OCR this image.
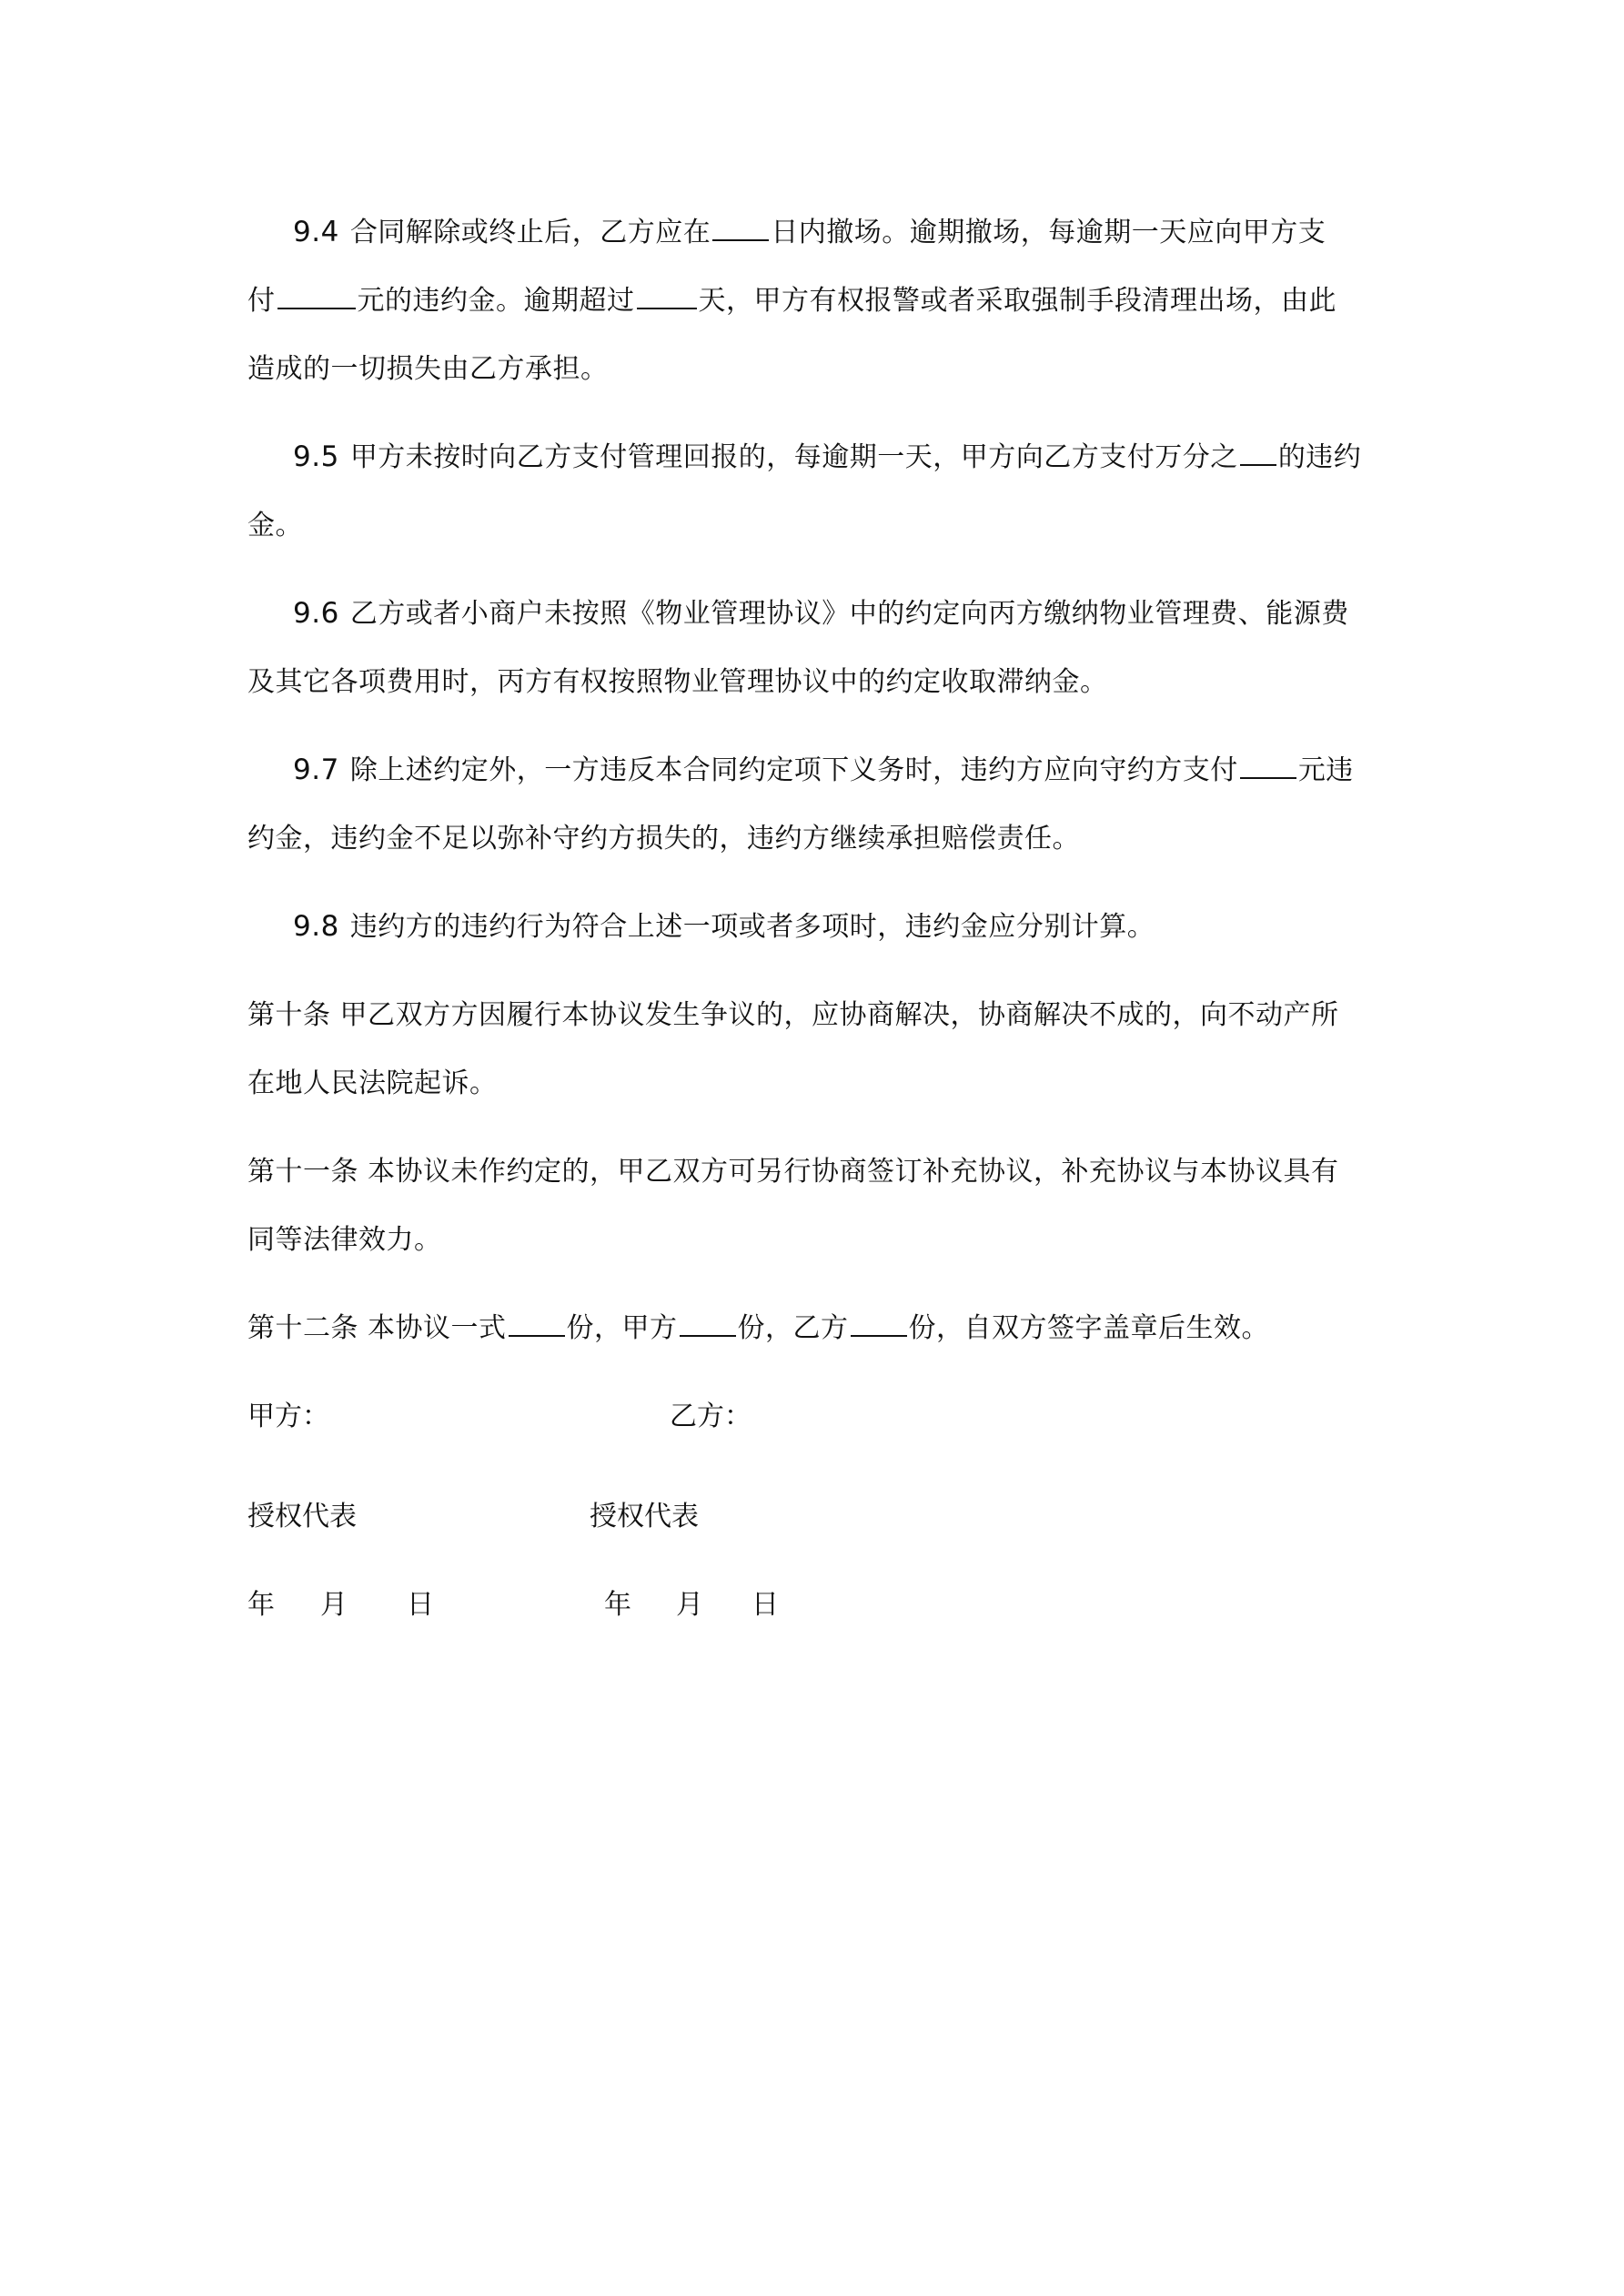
9.4 合同解除或终止后，乙方应在 日内撤场。逾期撤场，每逾期一天应向甲方支
付	元的违约金。逾期超过 天，甲方有权报警或者采取强制手段清理出场，由此
造成的一切损失由乙方承担。
9.5 甲方未按时向乙方支付管理回报的，每逾期一天，甲方向乙方支付万分之 的违约
金。
9.6 乙方或者小商户未按照《物业管理协议》中的约定向丙方缴纳物业管理费、能源费
及其它各项费用时，丙方有权按照物业管理协议中的约定收取滞纳金。
9.7 除上述约定外，一方违反本合同约定项下义务时，违约方应向守约方支付 元违
约金，违约金不足以弥补守约方损失的，违约方继续承担赔偿责任。
9.8 违约方的违约行为符合上述一项或者多项时，违约金应分别计算。
第十条 甲乙双方方因履行本协议发生争议的，应协商解决，协商解决不成的，向不动产所
在地人民法院起诉。
第十一条 本协议未作约定的，甲乙双方可另行协商签订补充协议，补充协议与本协议具有
同等法律效力。
第十二条 本协议一式 份，甲方 份，乙方 份，自双方签字盖章后生效。
甲方：	乙方：
授权代表	授权代表
年 月 日	年 月 日
